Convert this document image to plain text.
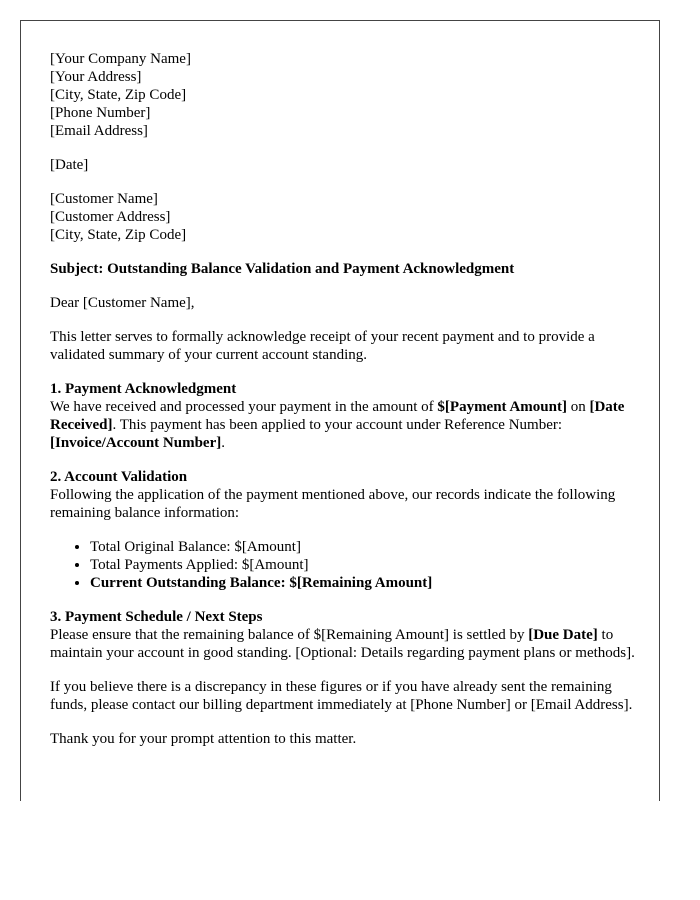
[Your Company Name]
[Your Address]
[City, State, Zip Code]
[Phone Number]
[Email Address]
[Date]
[Customer Name]
[Customer Address]
[City, State, Zip Code]
Subject: Outstanding Balance Validation and Payment Acknowledgment

Dear [Customer Name],

This letter serves to formally acknowledge receipt of your recent payment and to provide a validated summary of your current account standing.

1. Payment Acknowledgment
We have received and processed your payment in the amount of $[Payment Amount] on [Date Received]. This payment has been applied to your account under Reference Number: [Invoice/Account Number].
2. Account Validation
Following the application of the payment mentioned above, our records indicate the following remaining balance information:
• Total Original Balance: $[Amount]
• Total Payments Applied: $[Amount]
• Current Outstanding Balance: $[Remaining Amount]
3. Payment Schedule / Next Steps
Please ensure that the remaining balance of $[Remaining Amount] is settled by [Due Date] to maintain your account in good standing. [Optional: Details regarding payment plans or methods].

If you believe there is a discrepancy in these figures or if you have already sent the remaining funds, please contact our billing department immediately at [Phone Number] or [Email Address].

Thank you for your prompt attention to this matter.
